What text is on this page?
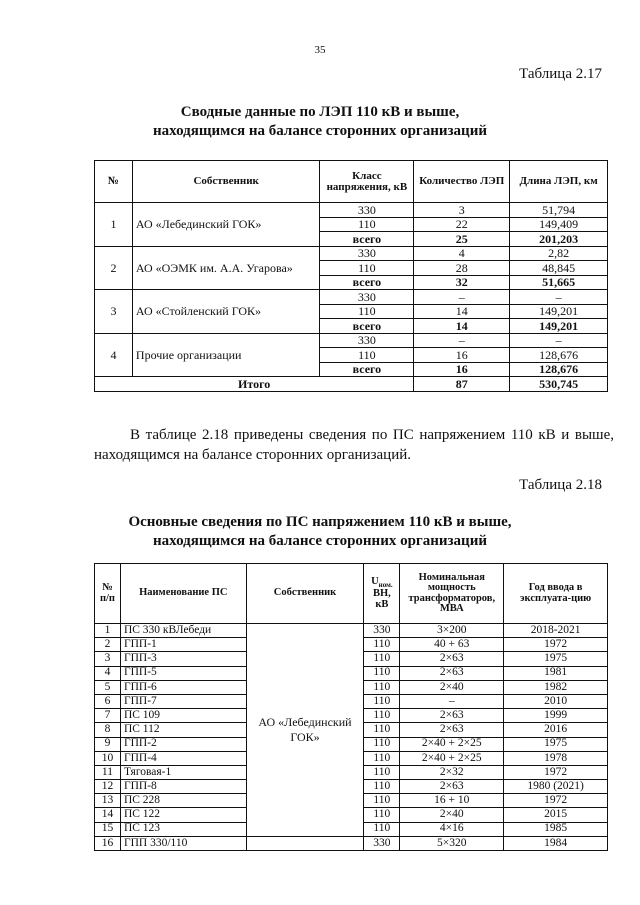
35
Таблица 2.17
Сводные данные по ЛЭП 110 кВ и выше,
находящимся на балансе сторонних организаций
№	Собственник	Класс напряжения, кВ	Количество ЛЭП	Длина ЛЭП, км
1	АО «Лебединский ГОК»	330	3	51,794
		110	22	149,409
		всего	25	201,203
2	АО «ОЭМК им. А.А. Угарова»	330	4	2,82
		110	28	48,845
		всего	32	51,665
3	АО «Стойленский ГОК»	330	–	–
		110	14	149,201
		всего	14	149,201
4	Прочие организации	330	–	–
		110	16	128,676
		всего	16	128,676
Итого			87	530,745
В таблице 2.18 приведены сведения по ПС напряжением 110 кВ и выше, находящимся на балансе сторонних организаций.
Таблица 2.18
Основные сведения по ПС напряжением 110 кВ и выше,
находящимся на балансе сторонних организаций
№ п/п	Наименование ПС	Собственник	$U_{ном.}$ ВН, кВ	Номинальная мощность трансформаторов, МВА	Год ввода в эксплуата-цию
1	ПС 330 кВЛебеди	АО «Лебединский ГОК»	330	3×200	2018-2021
2	ГПП-1		110	40 + 63	1972
3	ГПП-3		110	2×63	1975
4	ГПП-5		110	2×63	1981
5	ГПП-6		110	2×40	1982
6	ГПП-7		110	–	2010
7	ПС 109		110	2×63	1999
8	ПС 112		110	2×63	2016
9	ГПП-2		110	2×40 + 2×25	1975
10	ГПП-4		110	2×40 + 2×25	1978
11	Тяговая-1		110	2×32	1972
12	ГПП-8		110	2×63	1980 (2021)
13	ПС 228		110	16 + 10	1972
14	ПС 122		110	2×40	2015
15	ПС 123		110	4×16	1985
16	ГПП 330/110		330	5×320	1984
